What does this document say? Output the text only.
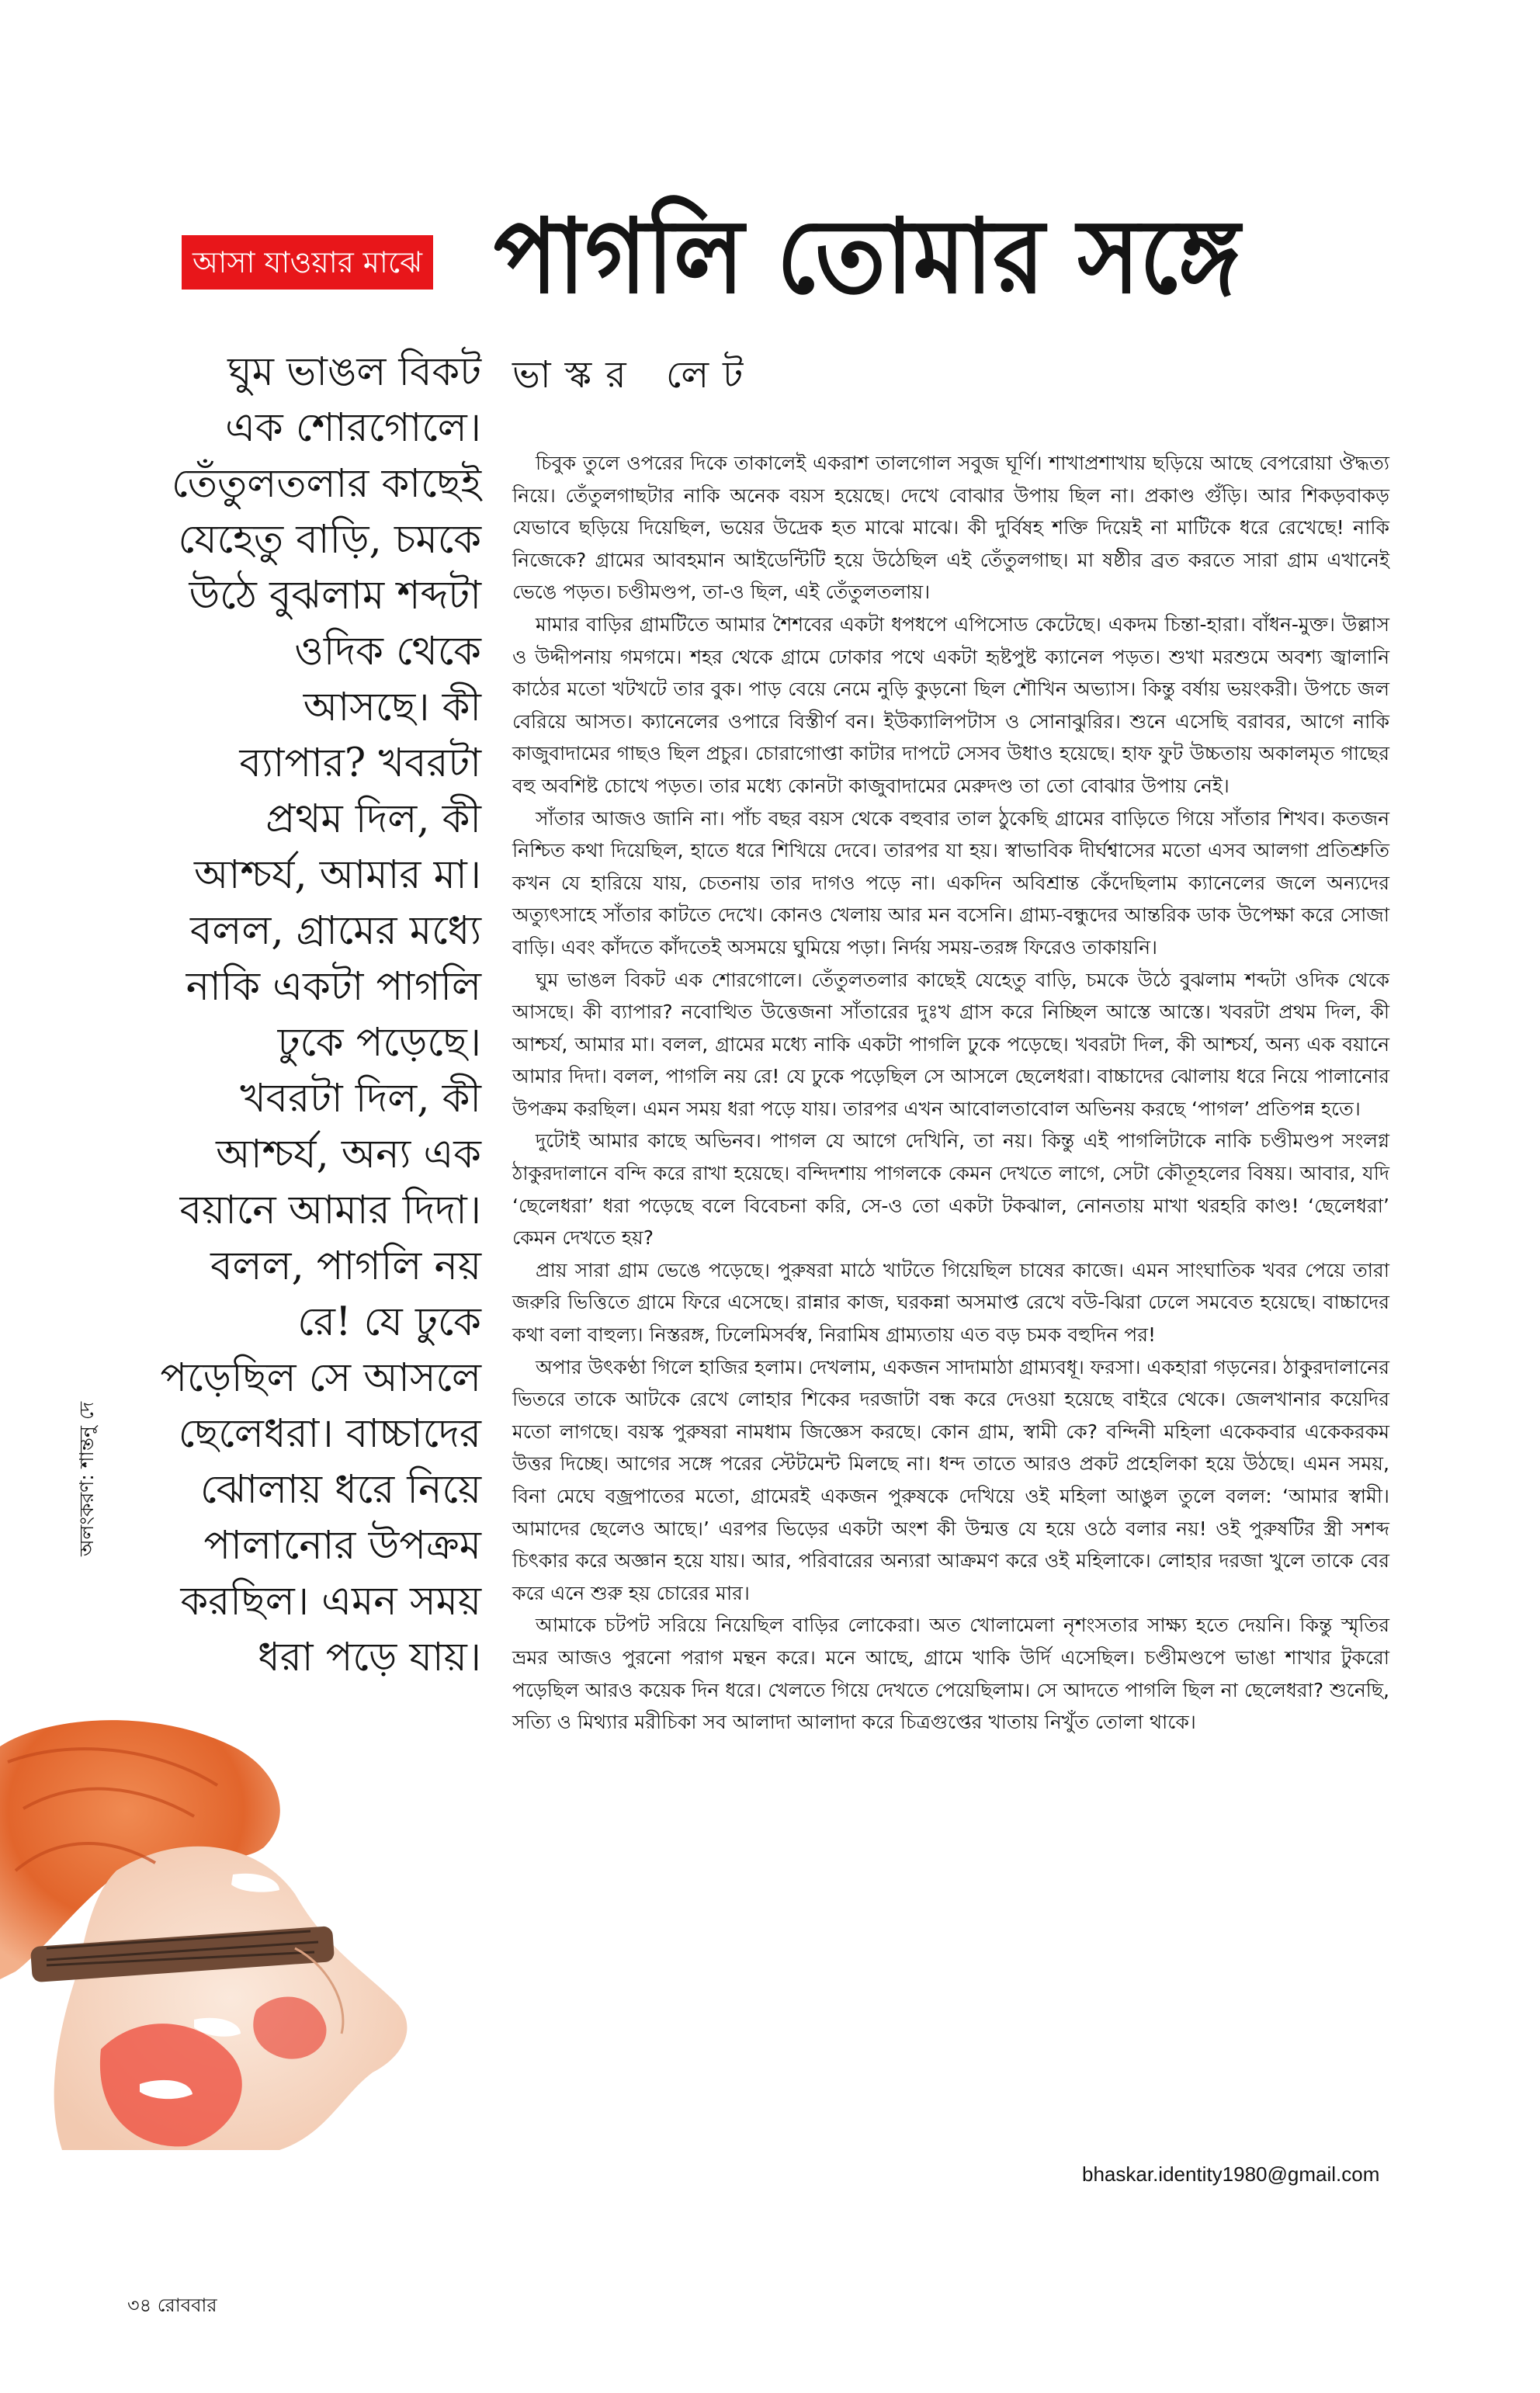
আসা যাওয়ার মাঝে পাগলি তোমার সঙ্গে
ভাস্কর লেট
ঘুম ভাঙল বিকট
এক শোরগোলে।
তেঁতুলতলার কাছেই
যেহেতু বাড়ি, চমকে
উঠে বুঝলাম শব্দটা
ওদিক থেকে
আসছে। কী
ব্যাপার? খবরটা
প্রথম দিল, কী
আশ্চর্য, আমার মা।
বলল, গ্রামের মধ্যে
নাকি একটা পাগলি
ঢুকে পড়েছে।
খবরটা দিল, কী
আশ্চর্য, অন্য এক
বয়ানে আমার দিদা।
বলল, পাগলি নয়
রে! যে ঢুকে
পড়েছিল সে আসলে
ছেলেধরা। বাচ্চাদের
ঝোলায় ধরে নিয়ে
পালানোর উপক্রম
করছিল। এমন সময়
ধরা পড়ে যায়।
অলংকরণ: শান্তনু দে

চিবুক তুলে ওপরের দিকে তাকালেই একরাশ তালগোল সবুজ ঘূর্ণি। শাখাপ্রশাখায় ছড়িয়ে আছে বেপরোয়া ঔদ্ধত্য নিয়ে। তেঁতুলগাছটার নাকি অনেক বয়স হয়েছে। দেখে বোঝার উপায় ছিল না। প্রকাণ্ড গুঁড়ি। আর শিকড়বাকড় যেভাবে ছড়িয়ে দিয়েছিল, ভয়ের উদ্রেক হত মাঝে মাঝে। কী দুর্বিষহ শক্তি দিয়েই না মাটিকে ধরে রেখেছে! নাকি নিজেকে? গ্রামের আবহমান আইডেন্টিটি হয়ে উঠেছিল এই তেঁতুলগাছ। মা ষষ্ঠীর ব্রত করতে সারা গ্রাম এখানেই ভেঙে পড়ত। চণ্ডীমণ্ডপ, তা-ও ছিল, এই তেঁতুলতলায়।

মামার বাড়ির গ্রামটিতে আমার শৈশবের একটা ধপধপে এপিসোড কেটেছে। একদম চিন্তা-হারা। বাঁধন-মুক্ত। উল্লাস ও উদ্দীপনায় গমগমে। শহর থেকে গ্রামে ঢোকার পথে একটা হৃষ্টপুষ্ট ক্যানেল পড়ত। শুখা মরশুমে অবশ্য জ্বালানি কাঠের মতো খটখটে তার বুক। পাড় বেয়ে নেমে নুড়ি কুড়নো ছিল শৌখিন অভ্যাস। কিন্তু বর্ষায় ভয়ংকরী। উপচে জল বেরিয়ে আসত। ক্যানেলের ওপারে বিস্তীর্ণ বন। ইউক্যালিপটাস ও সোনাঝুরির। শুনে এসেছি বরাবর, আগে নাকি কাজুবাদামের গাছও ছিল প্রচুর। চোরাগোপ্তা কাটার দাপটে সেসব উধাও হয়েছে। হাফ ফুট উচ্চতায় অকালমৃত গাছের বহু অবশিষ্ট চোখে পড়ত। তার মধ্যে কোনটা কাজুবাদামের মেরুদণ্ড তা তো বোঝার উপায় নেই।

সাঁতার আজও জানি না। পাঁচ বছর বয়স থেকে বহুবার তাল ঠুকেছি গ্রামের বাড়িতে গিয়ে সাঁতার শিখব। কতজন নিশ্চিত কথা দিয়েছিল, হাতে ধরে শিখিয়ে দেবে। তারপর যা হয়। স্বাভাবিক দীর্ঘশ্বাসের মতো এসব আলগা প্রতিশ্রুতি কখন যে হারিয়ে যায়, চেতনায় তার দাগও পড়ে না। একদিন অবিশ্রান্ত কেঁদেছিলাম ক্যানেলের জলে অন্যদের অত্যুৎসাহে সাঁতার কাটতে দেখে। কোনও খেলায় আর মন বসেনি। গ্রাম্য-বন্ধুদের আন্তরিক ডাক উপেক্ষা করে সোজা বাড়ি। এবং কাঁদতে কাঁদতেই অসময়ে ঘুমিয়ে পড়া। নির্দয় সময়-তরঙ্গ ফিরেও তাকায়নি।

ঘুম ভাঙল বিকট এক শোরগোলে। তেঁতুলতলার কাছেই যেহেতু বাড়ি, চমকে উঠে বুঝলাম শব্দটা ওদিক থেকে আসছে। কী ব্যাপার? নবোত্থিত উত্তেজনা সাঁতারের দুঃখ গ্রাস করে নিচ্ছিল আস্তে আস্তে। খবরটা প্রথম দিল, কী আশ্চর্য, আমার মা। বলল, গ্রামের মধ্যে নাকি একটা পাগলি ঢুকে পড়েছে। খবরটা দিল, কী আশ্চর্য, অন্য এক বয়ানে আমার দিদা। বলল, পাগলি নয় রে! যে ঢুকে পড়েছিল সে আসলে ছেলেধরা। বাচ্চাদের ঝোলায় ধরে নিয়ে পালানোর উপক্রম করছিল। এমন সময় ধরা পড়ে যায়। তারপর এখন আবোলতাবোল অভিনয় করছে ‘পাগল’ প্রতিপন্ন হতে।

দুটোই আমার কাছে অভিনব। পাগল যে আগে দেখিনি, তা নয়। কিন্তু এই পাগলিটাকে নাকি চণ্ডীমণ্ডপ সংলগ্ন ঠাকুরদালানে বন্দি করে রাখা হয়েছে। বন্দিদশায় পাগলকে কেমন দেখতে লাগে, সেটা কৌতূহলের বিষয়। আবার, যদি ‘ছেলেধরা’ ধরা পড়েছে বলে বিবেচনা করি, সে-ও তো একটা টকঝাল, নোনতায় মাখা থরহরি কাণ্ড! ‘ছেলেধরা’ কেমন দেখতে হয়?

প্রায় সারা গ্রাম ভেঙে পড়েছে। পুরুষরা মাঠে খাটতে গিয়েছিল চাষের কাজে। এমন সাংঘাতিক খবর পেয়ে তারা জরুরি ভিত্তিতে গ্রামে ফিরে এসেছে। রান্নার কাজ, ঘরকন্না অসমাপ্ত রেখে বউ-ঝিরা ঢেলে সমবেত হয়েছে। বাচ্চাদের কথা বলা বাহুল্য। নিস্তরঙ্গ, ঢিলেমিসর্বস্ব, নিরামিষ গ্রাম্যতায় এত বড় চমক বহুদিন পর!

অপার উৎকণ্ঠা গিলে হাজির হলাম। দেখলাম, একজন সাদামাঠা গ্রাম্যবধূ। ফরসা। একহারা গড়নের। ঠাকুরদালানের ভিতরে তাকে আটকে রেখে লোহার শিকের দরজাটা বন্ধ করে দেওয়া হয়েছে বাইরে থেকে। জেলখানার কয়েদির মতো লাগছে। বয়স্ক পুরুষরা নামধাম জিজ্ঞেস করছে। কোন গ্রাম, স্বামী কে? বন্দিনী মহিলা একেকবার একেকরকম উত্তর দিচ্ছে। আগের সঙ্গে পরের স্টেটমেন্ট মিলছে না। ধন্দ তাতে আরও প্রকট প্রহেলিকা হয়ে উঠছে। এমন সময়, বিনা মেঘে বজ্রপাতের মতো, গ্রামেরই একজন পুরুষকে দেখিয়ে ওই মহিলা আঙুল তুলে বলল: ‘আমার স্বামী। আমাদের ছেলেও আছে।’ এরপর ভিড়ের একটা অংশ কী উন্মত্ত যে হয়ে ওঠে বলার নয়! ওই পুরুষটির স্ত্রী সশব্দ চিৎকার করে অজ্ঞান হয়ে যায়। আর, পরিবারের অন্যরা আক্রমণ করে ওই মহিলাকে। লোহার দরজা খুলে তাকে বের করে এনে শুরু হয় চোরের মার।

আমাকে চটপট সরিয়ে নিয়েছিল বাড়ির লোকেরা। অত খোলামেলা নৃশংসতার সাক্ষ্য হতে দেয়নি। কিন্তু স্মৃতির ভ্রমর আজও পুরনো পরাগ মন্থন করে। মনে আছে, গ্রামে খাকি উর্দি এসেছিল। চণ্ডীমণ্ডপে ভাঙা শাখার টুকরো পড়েছিল আরও কয়েক দিন ধরে। খেলতে গিয়ে দেখতে পেয়েছিলাম। সে আদতে পাগলি ছিল না ছেলেধরা? শুনেছি, সত্যি ও মিথ্যার মরীচিকা সব আলাদা আলাদা করে চিত্রগুপ্তের খাতায় নিখুঁত তোলা থাকে।

bhaskar.identity1980@gmail.com
৩৪ রোববার
